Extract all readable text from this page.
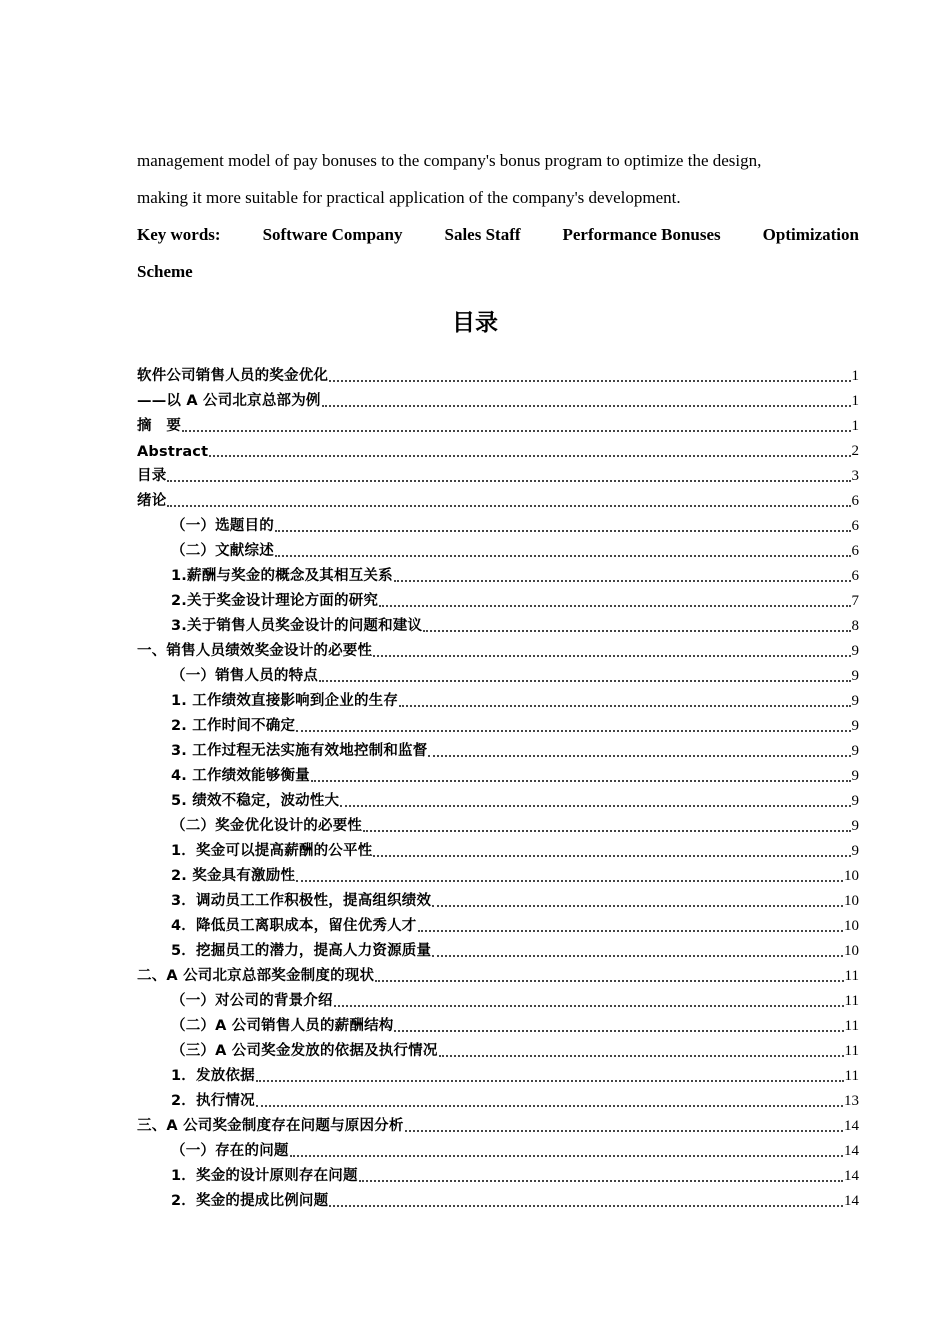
management model of pay bonuses to the company's bonus program to optimize the design,

making it more suitable for practical application of the company's development.

Key words: Software Company Sales Staff Performance Bonuses Optimization

Scheme

目录
软件公司销售人员的奖金优化	1
——以 A 公司北京总部为例	1
摘　要	1
Abstract	2
目录	3
绪论	6
（一）选题目的	6
（二）文献综述	6
1.薪酬与奖金的概念及其相互关系	6
2.关于奖金设计理论方面的研究	7
3.关于销售人员奖金设计的问题和建议	8
一、销售人员绩效奖金设计的必要性	9
（一）销售人员的特点	9
1. 工作绩效直接影响到企业的生存	9
2. 工作时间不确定	9
3. 工作过程无法实施有效地控制和监督	9
4. 工作绩效能够衡量	9
5. 绩效不稳定，波动性大	9
（二）奖金优化设计的必要性	9
1．奖金可以提高薪酬的公平性	9
2. 奖金具有激励性	10
3．调动员工工作积极性，提高组织绩效	10
4．降低员工离职成本，留住优秀人才	10
5．挖掘员工的潜力，提高人力资源质量	10
二、A 公司北京总部奖金制度的现状	11
（一）对公司的背景介绍	11
（二）A 公司销售人员的薪酬结构	11
（三）A 公司奖金发放的依据及执行情况	11
1．发放依据	11
2．执行情况	13
三、A 公司奖金制度存在问题与原因分析	14
（一）存在的问题	14
1．奖金的设计原则存在问题	14
2．奖金的提成比例问题	14
